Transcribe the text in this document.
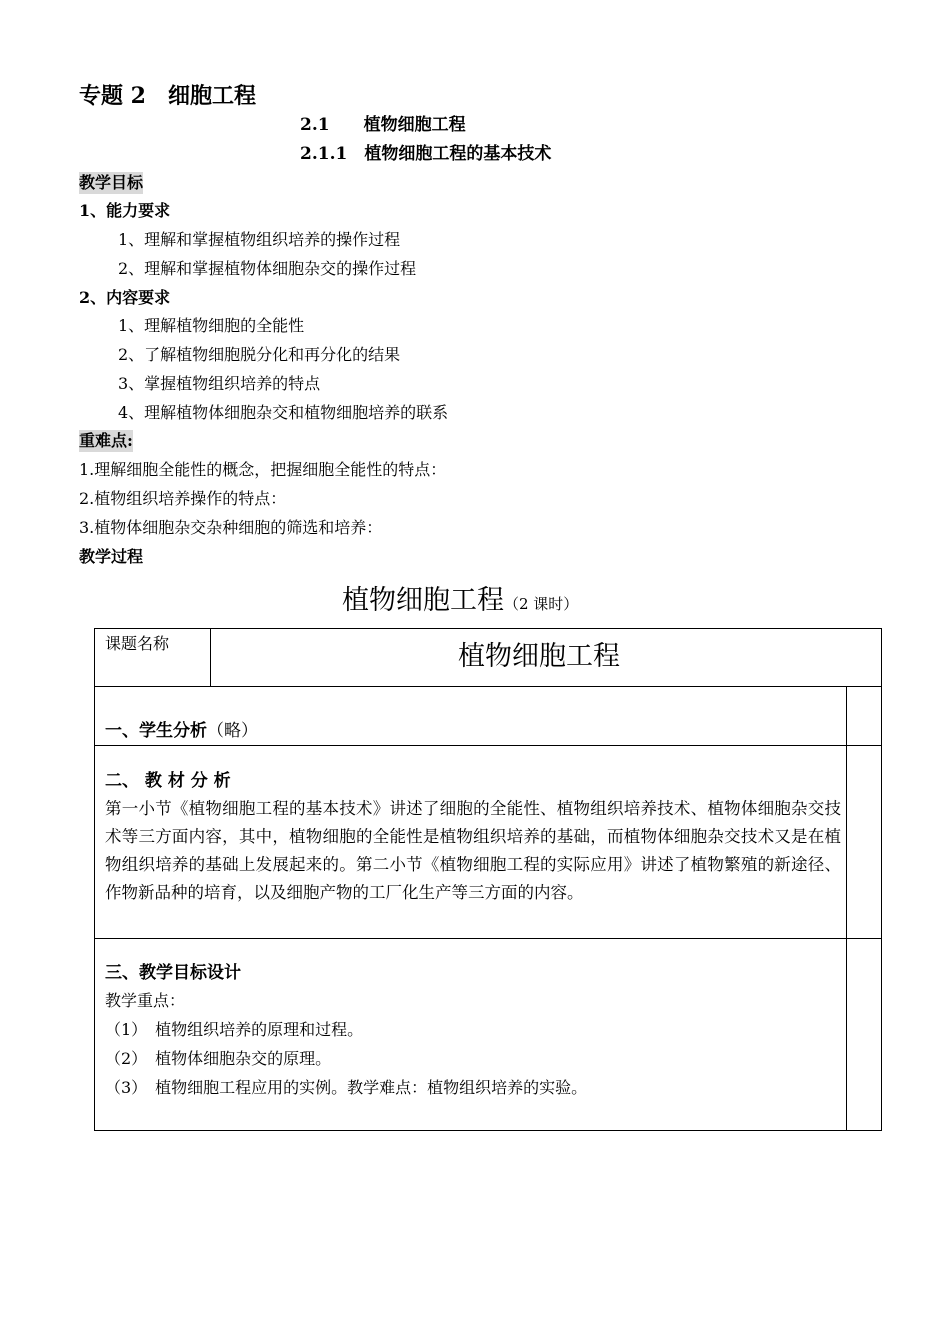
专题 2　细胞工程
2.1　　植物细胞工程
2.1.1　植物细胞工程的基本技术
教学目标
1、能力要求
1、理解和掌握植物组织培养的操作过程
2、理解和掌握植物体细胞杂交的操作过程
2、内容要求
1、理解植物细胞的全能性
2、了解植物细胞脱分化和再分化的结果
3、掌握植物组织培养的特点
4、理解植物体细胞杂交和植物细胞培养的联系
重难点:
1.理解细胞全能性的概念，把握细胞全能性的特点：
2.植物组织培养操作的特点：
3.植物体细胞杂交杂种细胞的筛选和培养：
教学过程
植物细胞工程（2 课时）
课题名称	植物细胞工程
一、学生分析（略）
二、 教 材 分 析
第一小节《植物细胞工程的基本技术》讲述了细胞的全能性、植物组织培养技术、植物体细胞杂交技术等三方面内容，其中，植物细胞的全能性是植物组织培养的基础，而植物体细胞杂交技术又是在植物组织培养的基础上发展起来的。第二小节《植物细胞工程的实际应用》讲述了植物繁殖的新途径、作物新品种的培育，以及细胞产物的工厂化生产等三方面的内容。
三、教学目标设计
教学重点：
（1）　植物组织培养的原理和过程。
（2）　植物体细胞杂交的原理。
（3）　植物细胞工程应用的实例。教学难点：植物组织培养的实验。
